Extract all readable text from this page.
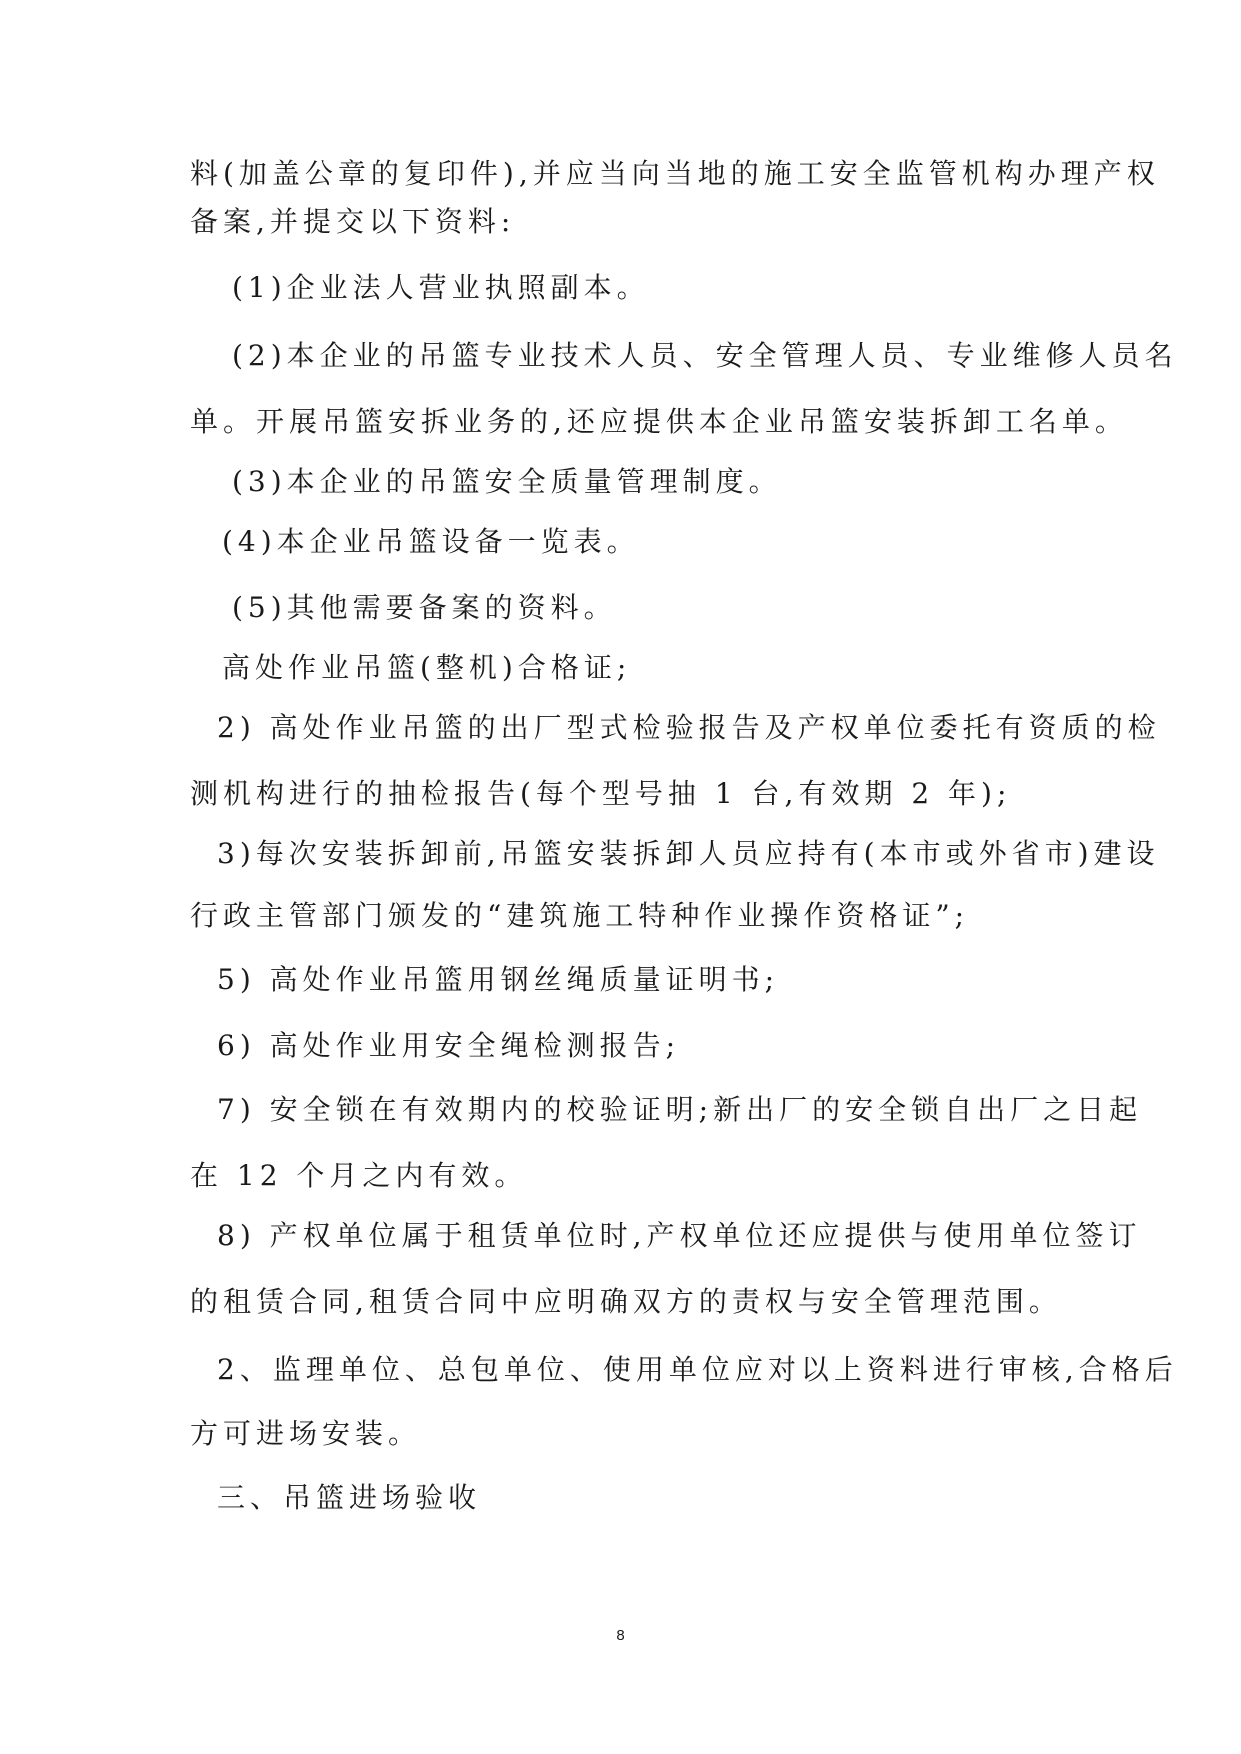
料(加盖公章的复印件),并应当向当地的施工安全监管机构办理产权
备案,并提交以下资料:
(1)企业法人营业执照副本。
(2)本企业的吊篮专业技术人员、安全管理人员、专业维修人员名
单。开展吊篮安拆业务的,还应提供本企业吊篮安装拆卸工名单。
(3)本企业的吊篮安全质量管理制度。
(4)本企业吊篮设备一览表。
(5)其他需要备案的资料。
高处作业吊篮(整机)合格证;
2) 高处作业吊篮的出厂型式检验报告及产权单位委托有资质的检
测机构进行的抽检报告(每个型号抽 1 台,有效期 2 年);
3)每次安装拆卸前,吊篮安装拆卸人员应持有(本市或外省市)建设
行政主管部门颁发的“建筑施工特种作业操作资格证”;
5) 高处作业吊篮用钢丝绳质量证明书;
6) 高处作业用安全绳检测报告;
7) 安全锁在有效期内的校验证明;新出厂的安全锁自出厂之日起
在 12 个月之内有效。
8) 产权单位属于租赁单位时,产权单位还应提供与使用单位签订
的租赁合同,租赁合同中应明确双方的责权与安全管理范围。
2、监理单位、总包单位、使用单位应对以上资料进行审核,合格后
方可进场安装。
三、吊篮进场验收
8
